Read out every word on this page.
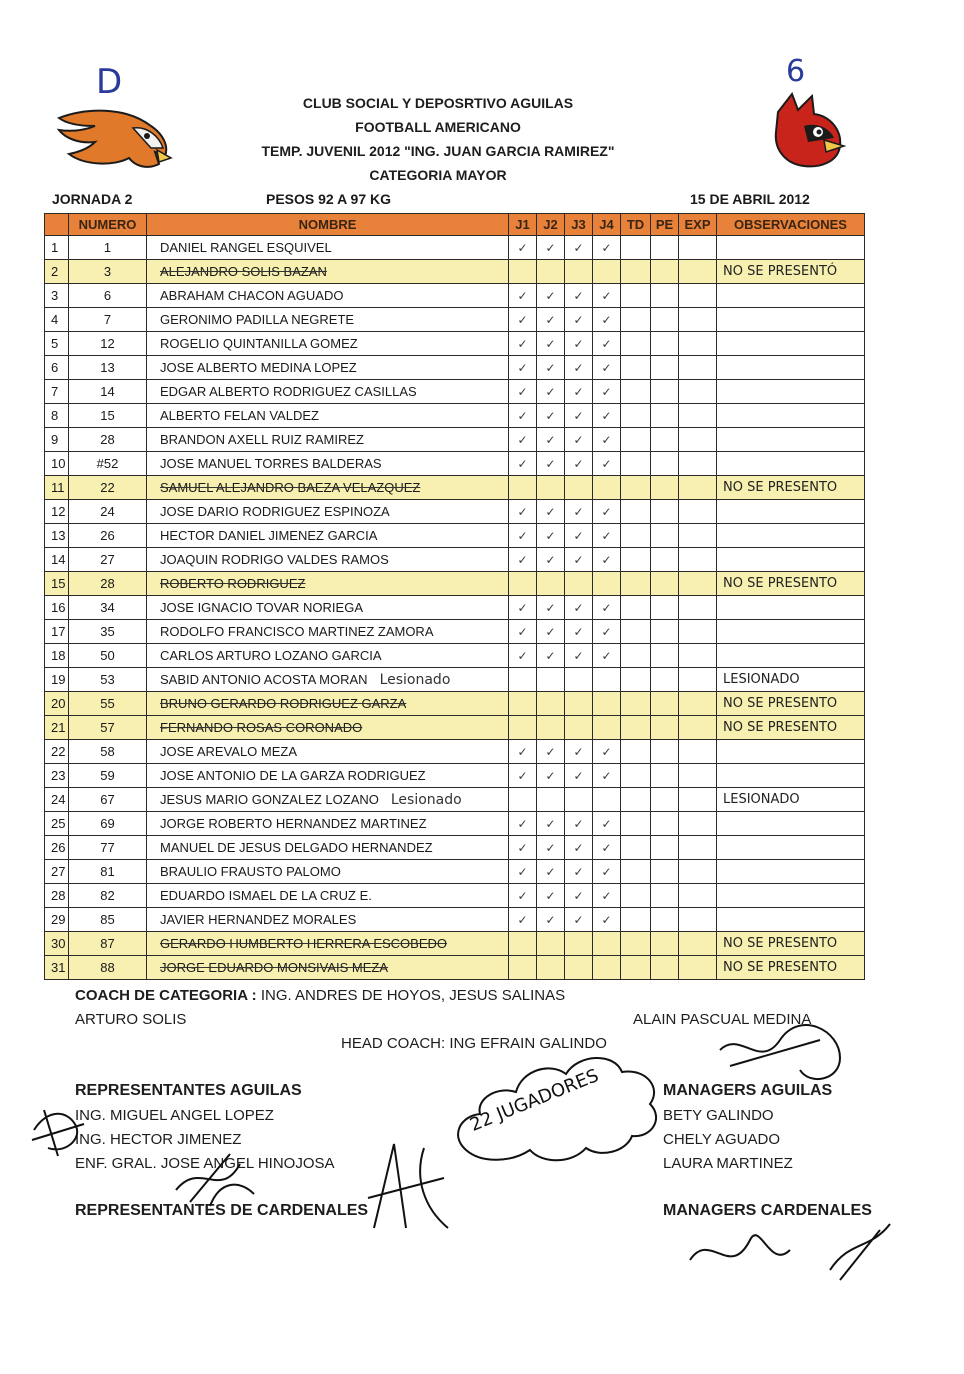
D	6
CLUB SOCIAL Y DEPOSRTIVO AGUILAS
FOOTBALL AMERICANO
TEMP. JUVENIL 2012 "ING. JUAN GARCIA RAMIREZ"
CATEGORIA MAYOR
JORNADA 2	PESOS 92 A 97 KG	15 DE ABRIL 2012
	NUMERO	NOMBRE	J1	J2	J3	J4	TD	PE	EXP	OBSERVACIONES
1	1	DANIEL RANGEL ESQUIVEL	✓	✓	✓	✓				
2	3	ALEJANDRO SOLIS BAZAN								NO SE PRESENTÓ
3	6	ABRAHAM CHACON AGUADO	✓	✓	✓	✓				
4	7	GERONIMO PADILLA NEGRETE	✓	✓	✓	✓				
5	12	ROGELIO QUINTANILLA GOMEZ	✓	✓	✓	✓				
6	13	JOSE ALBERTO MEDINA LOPEZ	✓	✓	✓	✓				
7	14	EDGAR ALBERTO RODRIGUEZ CASILLAS	✓	✓	✓	✓				
8	15	ALBERTO FELAN VALDEZ	✓	✓	✓	✓				
9	28	BRANDON AXELL RUIZ RAMIREZ	✓	✓	✓	✓				
10	#52	JOSE MANUEL TORRES BALDERAS	✓	✓	✓	✓				
11	22	SAMUEL ALEJANDRO BAEZA VELAZQUEZ								NO SE PRESENTO
12	24	JOSE DARIO RODRIGUEZ ESPINOZA	✓	✓	✓	✓				
13	26	HECTOR DANIEL JIMENEZ GARCIA	✓	✓	✓	✓				
14	27	JOAQUIN RODRIGO VALDES RAMOS	✓	✓	✓	✓				
15	28	ROBERTO RODRIGUEZ								NO SE PRESENTO
16	34	JOSE IGNACIO TOVAR NORIEGA	✓	✓	✓	✓				
17	35	RODOLFO FRANCISCO MARTINEZ ZAMORA	✓	✓	✓	✓				
18	50	CARLOS ARTURO LOZANO GARCIA	✓	✓	✓	✓				
19	53	SABID ANTONIO ACOSTA MORAN Lesionado								LESIONADO
20	55	BRUNO GERARDO RODRIGUEZ GARZA								NO SE PRESENTO
21	57	FERNANDO ROSAS CORONADO								NO SE PRESENTO
22	58	JOSE AREVALO MEZA	✓	✓	✓	✓				
23	59	JOSE ANTONIO DE LA GARZA RODRIGUEZ	✓	✓	✓	✓				
24	67	JESUS MARIO GONZALEZ LOZANO Lesionado								LESIONADO
25	69	JORGE ROBERTO HERNANDEZ MARTINEZ	✓	✓	✓	✓				
26	77	MANUEL DE JESUS DELGADO HERNANDEZ	✓	✓	✓	✓				
27	81	BRAULIO FRAUSTO PALOMO	✓	✓	✓	✓				
28	82	EDUARDO ISMAEL DE LA CRUZ E.	✓	✓	✓	✓				
29	85	JAVIER HERNANDEZ MORALES	✓	✓	✓	✓				
30	87	GERARDO HUMBERTO HERRERA ESCOBEDO								NO SE PRESENTO
31	88	JORGE EDUARDO MONSIVAIS MEZA								NO SE PRESENTO
COACH DE CATEGORIA : ING. ANDRES DE HOYOS, JESUS SALINAS
ARTURO SOLIS	ALAIN PASCUAL MEDINA
HEAD COACH: ING EFRAIN GALINDO
REPRESENTANTES AGUILAS
ING. MIGUEL ANGEL LOPEZ
ING. HECTOR JIMENEZ
ENF. GRAL. JOSE ANGEL HINOJOSA
REPRESENTANTES DE CARDENALES
MANAGERS AGUILAS
BETY GALINDO
CHELY AGUADO
LAURA MARTINEZ
MANAGERS CARDENALES
22 JUGADORES
